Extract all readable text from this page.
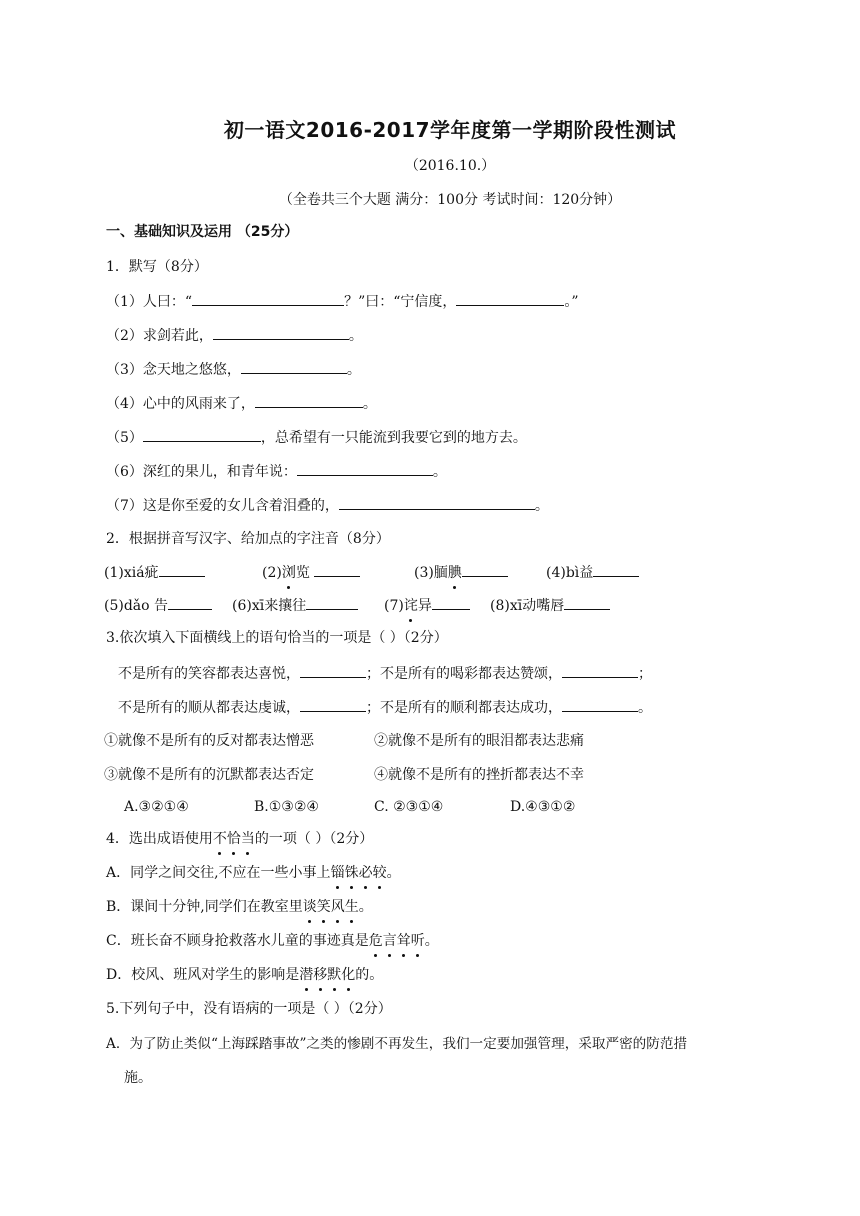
初一语文2016-2017学年度第一学期阶段性测试
（2016.10.）
（全卷共三个大题 满分：100分 考试时间：120分钟）
一、基础知识及运用 （25分）
1．默写（8分）
（1）人曰：“	？”曰：“宁信度，	。”
（2）求剑若此，	。
（3）念天地之悠悠，	。
（4）心中的风雨来了，	。
（5）	，总希望有一只能流到我要它到的地方去。
（6）深红的果儿，和青年说：	。
（7）这是你至爱的女儿含着泪叠的，	。
2．根据拼音写汉字、给加点的字注音（8分）
(1)xiá疵	(2)浏览	(3)腼腆	(4)bì益
(5)dǎo 告	(6)xī来攘往	(7)诧异	(8)xī动嘴唇
3.依次填入下面横线上的语句恰当的一项是（ ）（2分）
不是所有的笑容都表达喜悦，	；不是所有的喝彩都表达赞颂，	；
不是所有的顺从都表达虔诚，	；不是所有的顺利都表达成功，	。
①就像不是所有的反对都表达憎恶	②就像不是所有的眼泪都表达悲痛
③就像不是所有的沉默都表达否定	④就像不是所有的挫折都表达不幸
A.③②①④	B.①③②④	C. ②③①④	D.④③①②
4．选出成语使用不恰当的一项（ ）（2分）
A．同学之间交往,不应在一些小事上锱铢必较。
B．课间十分钟,同学们在教室里谈笑风生。
C．班长奋不顾身抢救落水儿童的事迹真是危言耸听。
D．校风、班风对学生的影响是潜移默化的。
5.下列句子中，没有语病的一项是（ ）（2分）
A．为了防止类似“上海踩踏事故”之类的惨剧不再发生，我们一定要加强管理，采取严密的防范措
施。
